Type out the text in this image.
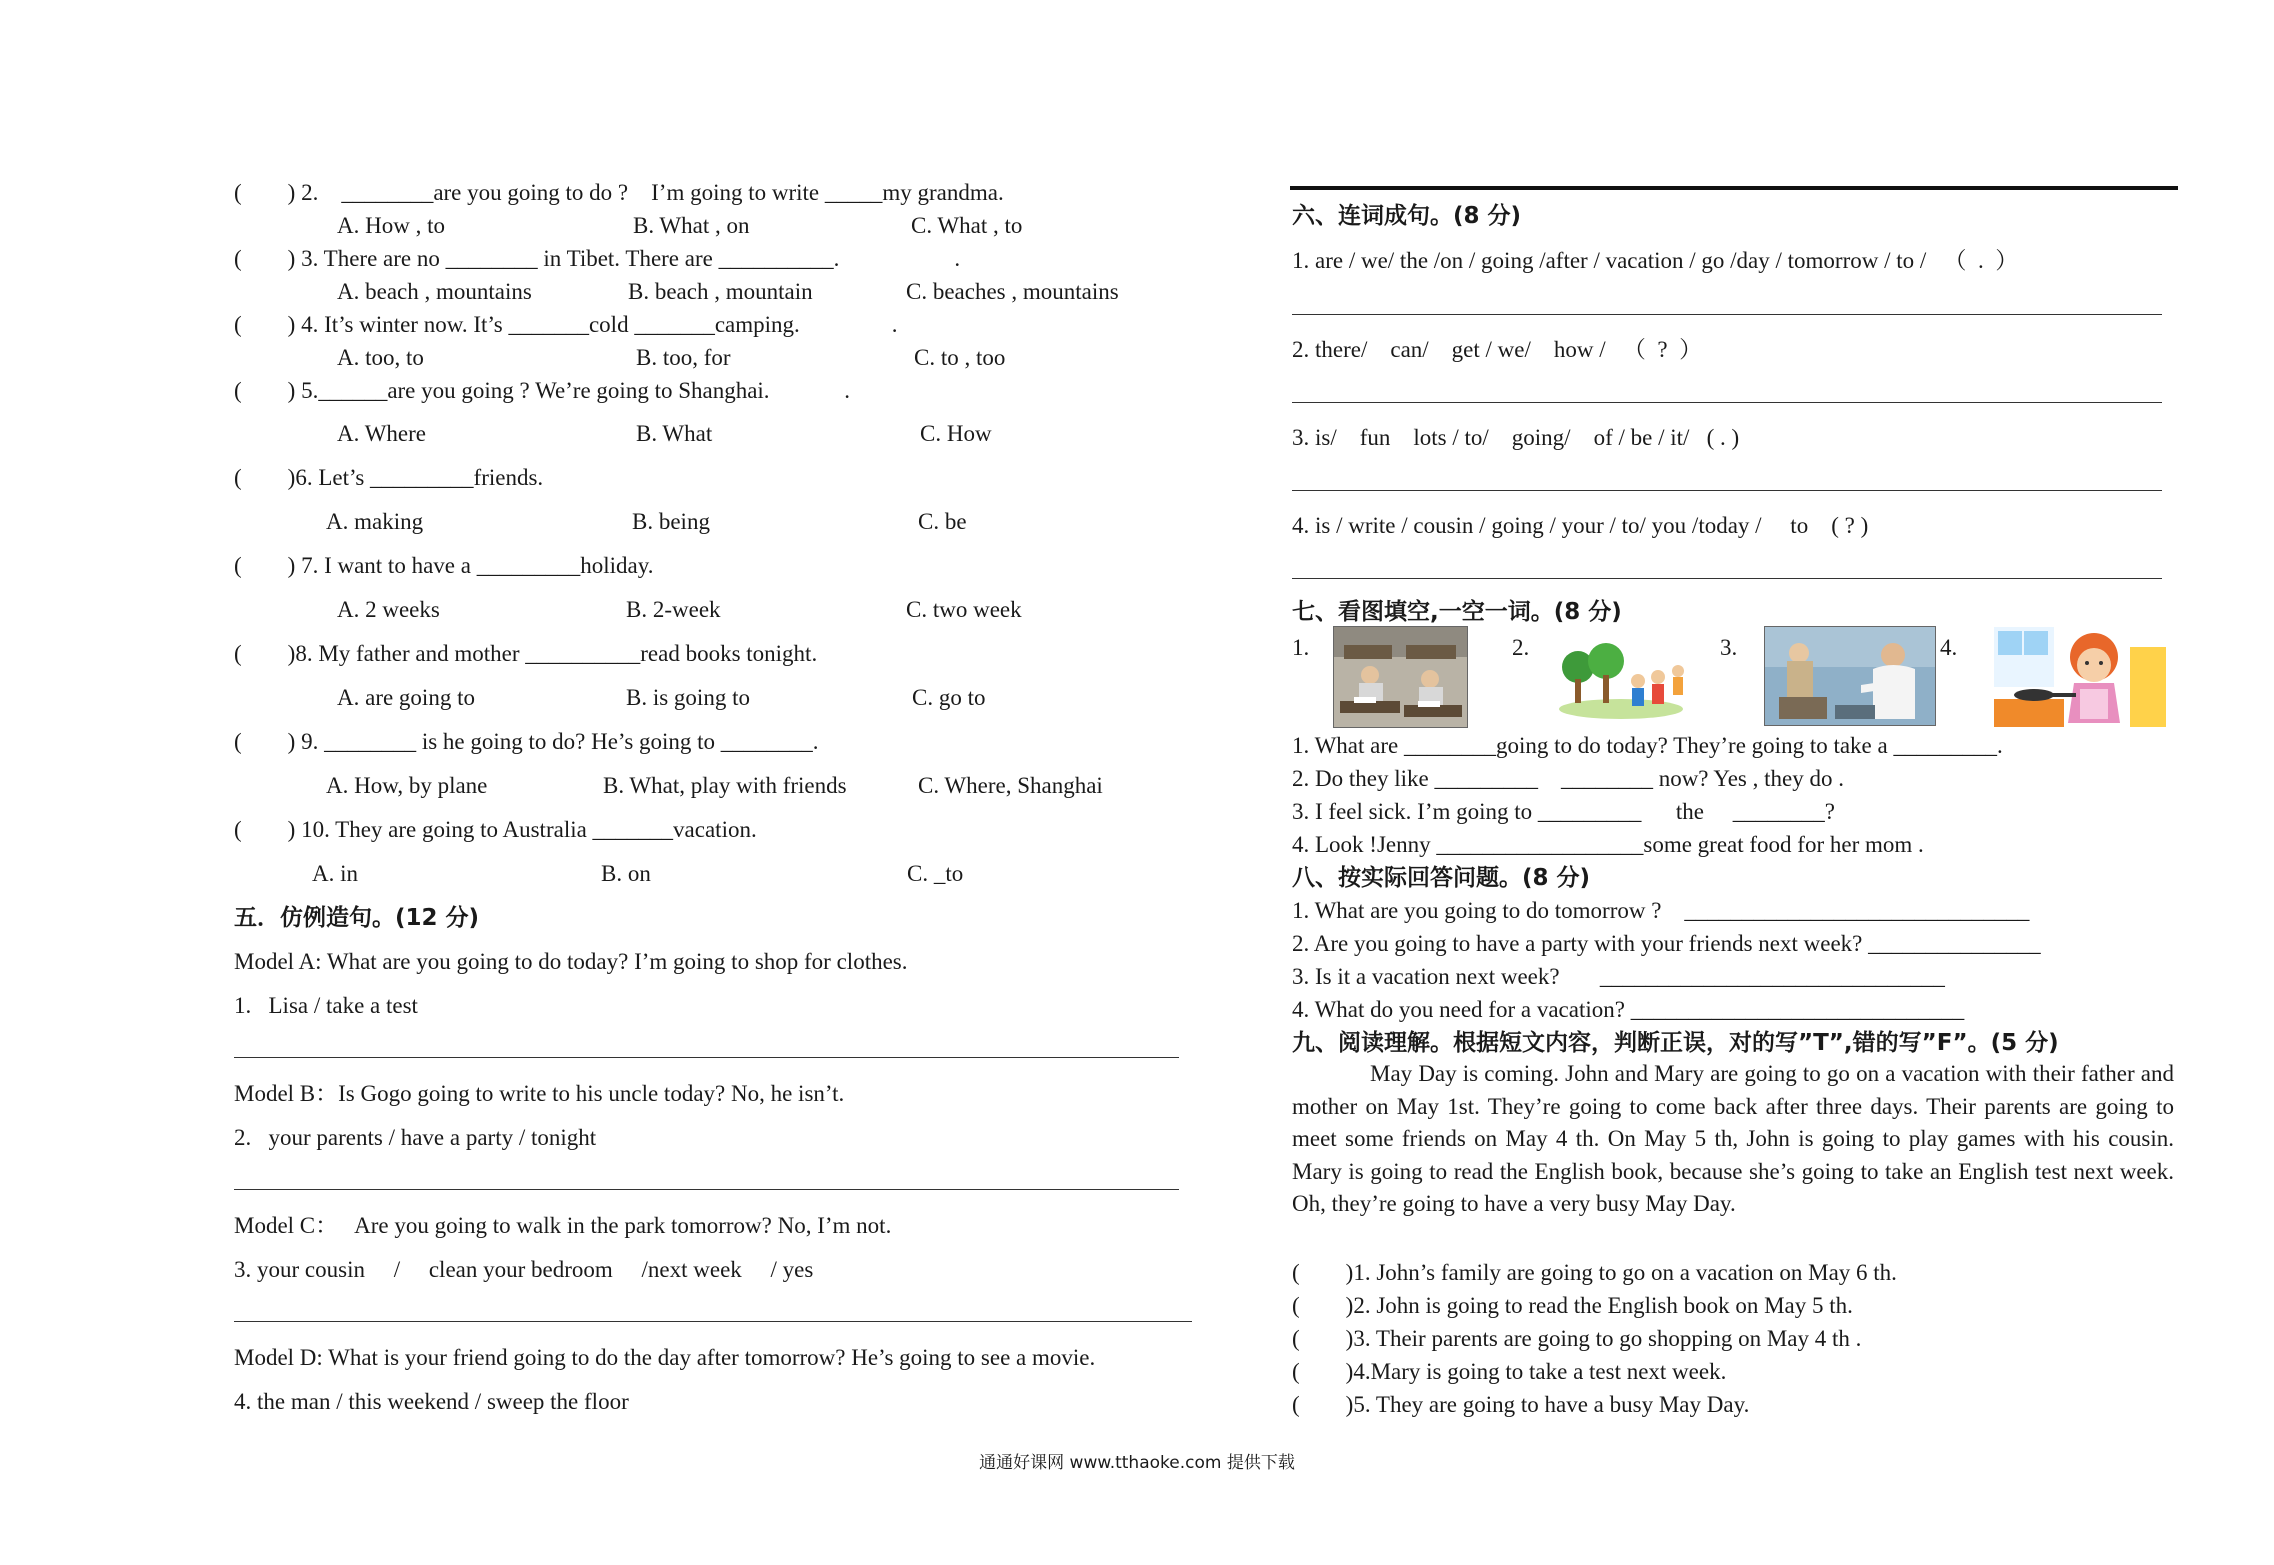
(        ) 2.    ________are you going to do ?    I’m going to write _____my grandma.
A. How , to	B. What , on	C. What , to
(        ) 3. There are no ________ in Tibet. There are __________.                    .
A. beach , mountains	B. beach , mountain	C. beaches , mountains
(        ) 4. It’s winter now. It’s _______cold _______camping.                .
A. too, to	B. too, for	C. to , too
(        ) 5.______are you going ? We’re going to Shanghai.             .
A. Where	B. What	C. How
(        )6. Let’s _________friends.
A. making	B. being	C. be
(        ) 7. I want to have a _________holiday.
A. 2 weeks	B. 2-week	C. two week
(        )8. My father and mother __________read books tonight.
A. are going to	B. is going to	C. go to
(        ) 9. ________ is he going to do? He’s going to ________.
A. How, by plane	B. What, play with friends	C. Where, Shanghai
(        ) 10. They are going to Australia _______vacation.
A. in	B. on	C. _to
五．仿例造句。(12 分)
Model A: What are you going to do today? I’m going to shop for clothes.
1.   Lisa / take a test
Model B：Is Gogo going to write to his uncle today? No, he isn’t.
2.   your parents / have a party / tonight
Model C：   Are you going to walk in the park tomorrow? No, I’m not.
3. your cousin     /     clean your bedroom     /next week     / yes
Model D: What is your friend going to do the day after tomorrow? He’s going to see a movie.
4. the man / this weekend / sweep the floor
六、连词成句。(8 分)
1. are / we/ the /on / going /after / vacation / go /day / tomorrow / to /   （  .  ）
2. there/    can/    get / we/    how /   （  ?  ）
3. is/    fun    lots / to/    going/    of / be / it/   ( . )
4. is / write / cousin / going / your / to/ you /today /     to    ( ? )
七、看图填空,一空一词。(8 分)
1.	2.	3.	4.
1. What are ________going to do today? They’re going to take a _________.
2. Do they like _________    ________ now? Yes , they do .
3. I feel sick. I’m going to _________      the     ________?
4. Look !Jenny __________________some great food for her mom .
八、按实际回答问题。(8 分)
1. What are you going to do tomorrow ?    ______________________________
2. Are you going to have a party with your friends next week? _______________
3. Is it a vacation next week?       ______________________________
4. What do you need for a vacation? _____________________________
九、阅读理解。根据短文内容，判断正误，对的写”T”,错的写”F”。(5 分)
May Day is coming. John and Mary are going to go on a vacation with their father and mother on May 1st. They’re going to come back after three days. Their parents are going to meet some friends on May 4 th. On May 5 th, John is going to play games with his cousin. Mary is going to read the English book, because she’s going to take an English test next week. Oh, they’re going to have a very busy May Day.
(        )1. John’s family are going to go on a vacation on May 6 th.
(        )2. John is going to read the English book on May 5 th.
(        )3. Their parents are going to go shopping on May 4 th .
(        )4.Mary is going to take a test next week.
(        )5. They are going to have a busy May Day.
通通好课网 www.tthaoke.com 提供下载
